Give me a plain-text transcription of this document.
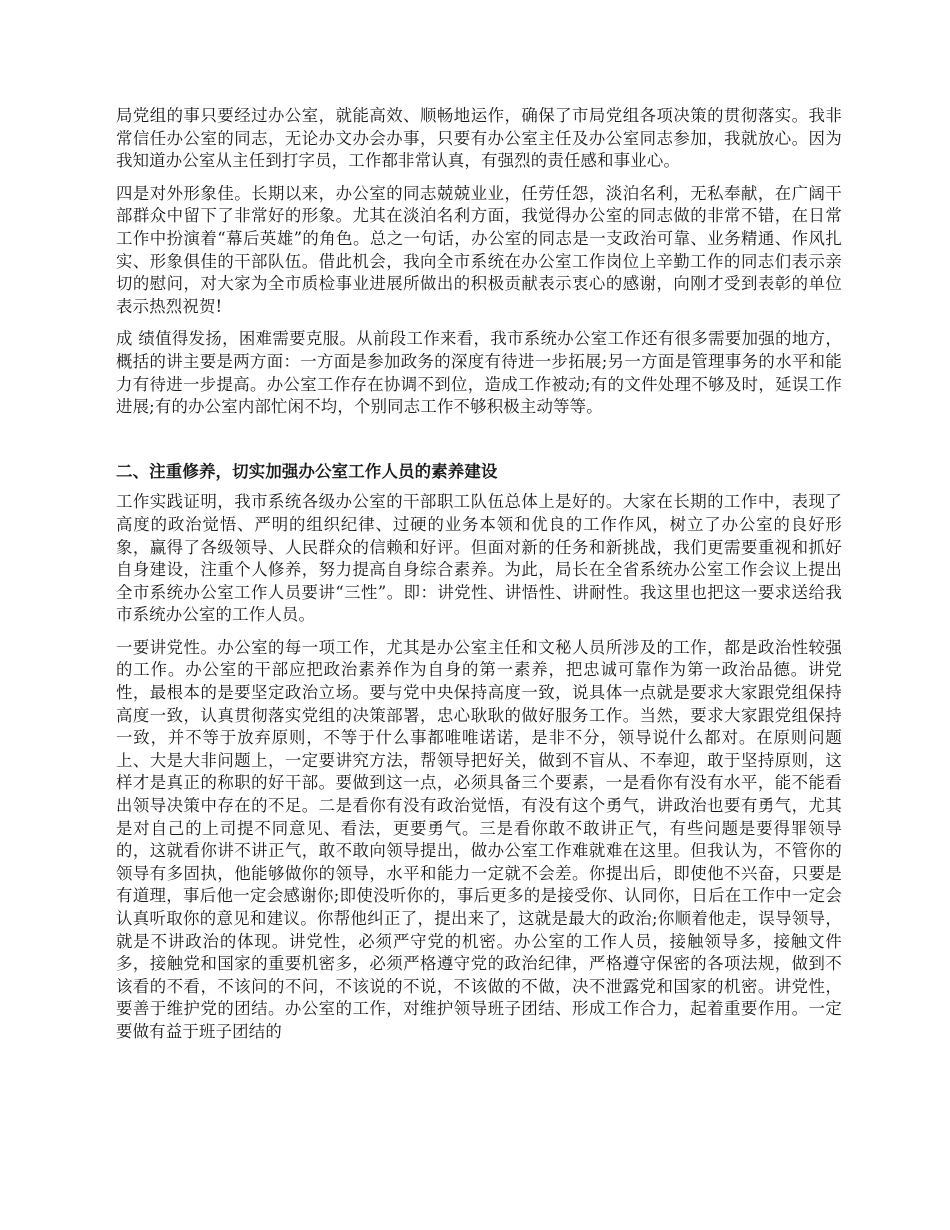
局党组的事只要经过办公室，就能高效、顺畅地运作，确保了市局党组各项决策的贯彻落实。我非常信任办公室的同志，无论办文办会办事，只要有办公室主任及办公室同志参加，我就放心。因为我知道办公室从主任到打字员，工作都非常认真，有强烈的责任感和事业心。

四是对外形象佳。长期以来，办公室的同志兢兢业业，任劳任怨，淡泊名利，无私奉献，在广阔干部群众中留下了非常好的形象。尤其在淡泊名利方面，我觉得办公室的同志做的非常不错，在日常工作中扮演着“幕后英雄”的角色。总之一句话，办公室的同志是一支政治可靠、业务精通、作风扎实、形象俱佳的干部队伍。借此机会，我向全市系统在办公室工作岗位上辛勤工作的同志们表示亲切的慰问，对大家为全市质检事业进展所做出的积极贡献表示衷心的感谢，向刚才受到表彰的单位表示热烈祝贺!

成 绩值得发扬，困难需要克服。从前段工作来看，我市系统办公室工作还有很多需要加强的地方，概括的讲主要是两方面：一方面是参加政务的深度有待进一步拓展;另一方面是管理事务的水平和能力有待进一步提高。办公室工作存在协调不到位，造成工作被动;有的文件处理不够及时，延误工作进展;有的办公室内部忙闲不均，个别同志工作不够积极主动等等。

二、注重修养，切实加强办公室工作人员的素养建设

工作实践证明，我市系统各级办公室的干部职工队伍总体上是好的。大家在长期的工作中，表现了高度的政治觉悟、严明的组织纪律、过硬的业务本领和优良的工作作风，树立了办公室的良好形象，赢得了各级领导、人民群众的信赖和好评。但面对新的任务和新挑战，我们更需要重视和抓好自身建设，注重个人修养，努力提高自身综合素养。为此，局长在全省系统办公室工作会议上提出全市系统办公室工作人员要讲“三性”。即：讲党性、讲悟性、讲耐性。我这里也把这一要求送给我市系统办公室的工作人员。

一要讲党性。办公室的每一项工作，尤其是办公室主任和文秘人员所涉及的工作，都是政治性较强的工作。办公室的干部应把政治素养作为自身的第一素养，把忠诚可靠作为第一政治品德。讲党性，最根本的是要坚定政治立场。要与党中央保持高度一致，说具体一点就是要求大家跟党组保持高度一致，认真贯彻落实党组的决策部署，忠心耿耿的做好服务工作。当然，要求大家跟党组保持一致，并不等于放弃原则，不等于什么事都唯唯诺诺，是非不分，领导说什么都对。在原则问题上、大是大非问题上，一定要讲究方法，帮领导把好关，做到不盲从、不奉迎，敢于坚持原则，这样才是真正的称职的好干部。要做到这一点，必须具备三个要素，一是看你有没有水平，能不能看出领导决策中存在的不足。二是看你有没有政治觉悟，有没有这个勇气，讲政治也要有勇气，尤其是对自己的上司提不同意见、看法，更要勇气。三是看你敢不敢讲正气，有些问题是要得罪领导的，这就看你讲不讲正气，敢不敢向领导提出，做办公室工作难就难在这里。但我认为，不管你的领导有多固执，他能够做你的领导，水平和能力一定就不会差。你提出后，即使他不兴奋，只要是有道理，事后他一定会感谢你;即使没听你的，事后更多的是接受你、认同你，日后在工作中一定会认真听取你的意见和建议。你帮他纠正了，提出来了，这就是最大的政治;你顺着他走，误导领导，就是不讲政治的体现。讲党性，必须严守党的机密。办公室的工作人员，接触领导多，接触文件多，接触党和国家的重要机密多，必须严格遵守党的政治纪律，严格遵守保密的各项法规，做到不该看的不看，不该问的不问，不该说的不说，不该做的不做，决不泄露党和国家的机密。讲党性，要善于维护党的团结。办公室的工作，对维护领导班子团结、形成工作合力，起着重要作用。一定要做有益于班子团结的
